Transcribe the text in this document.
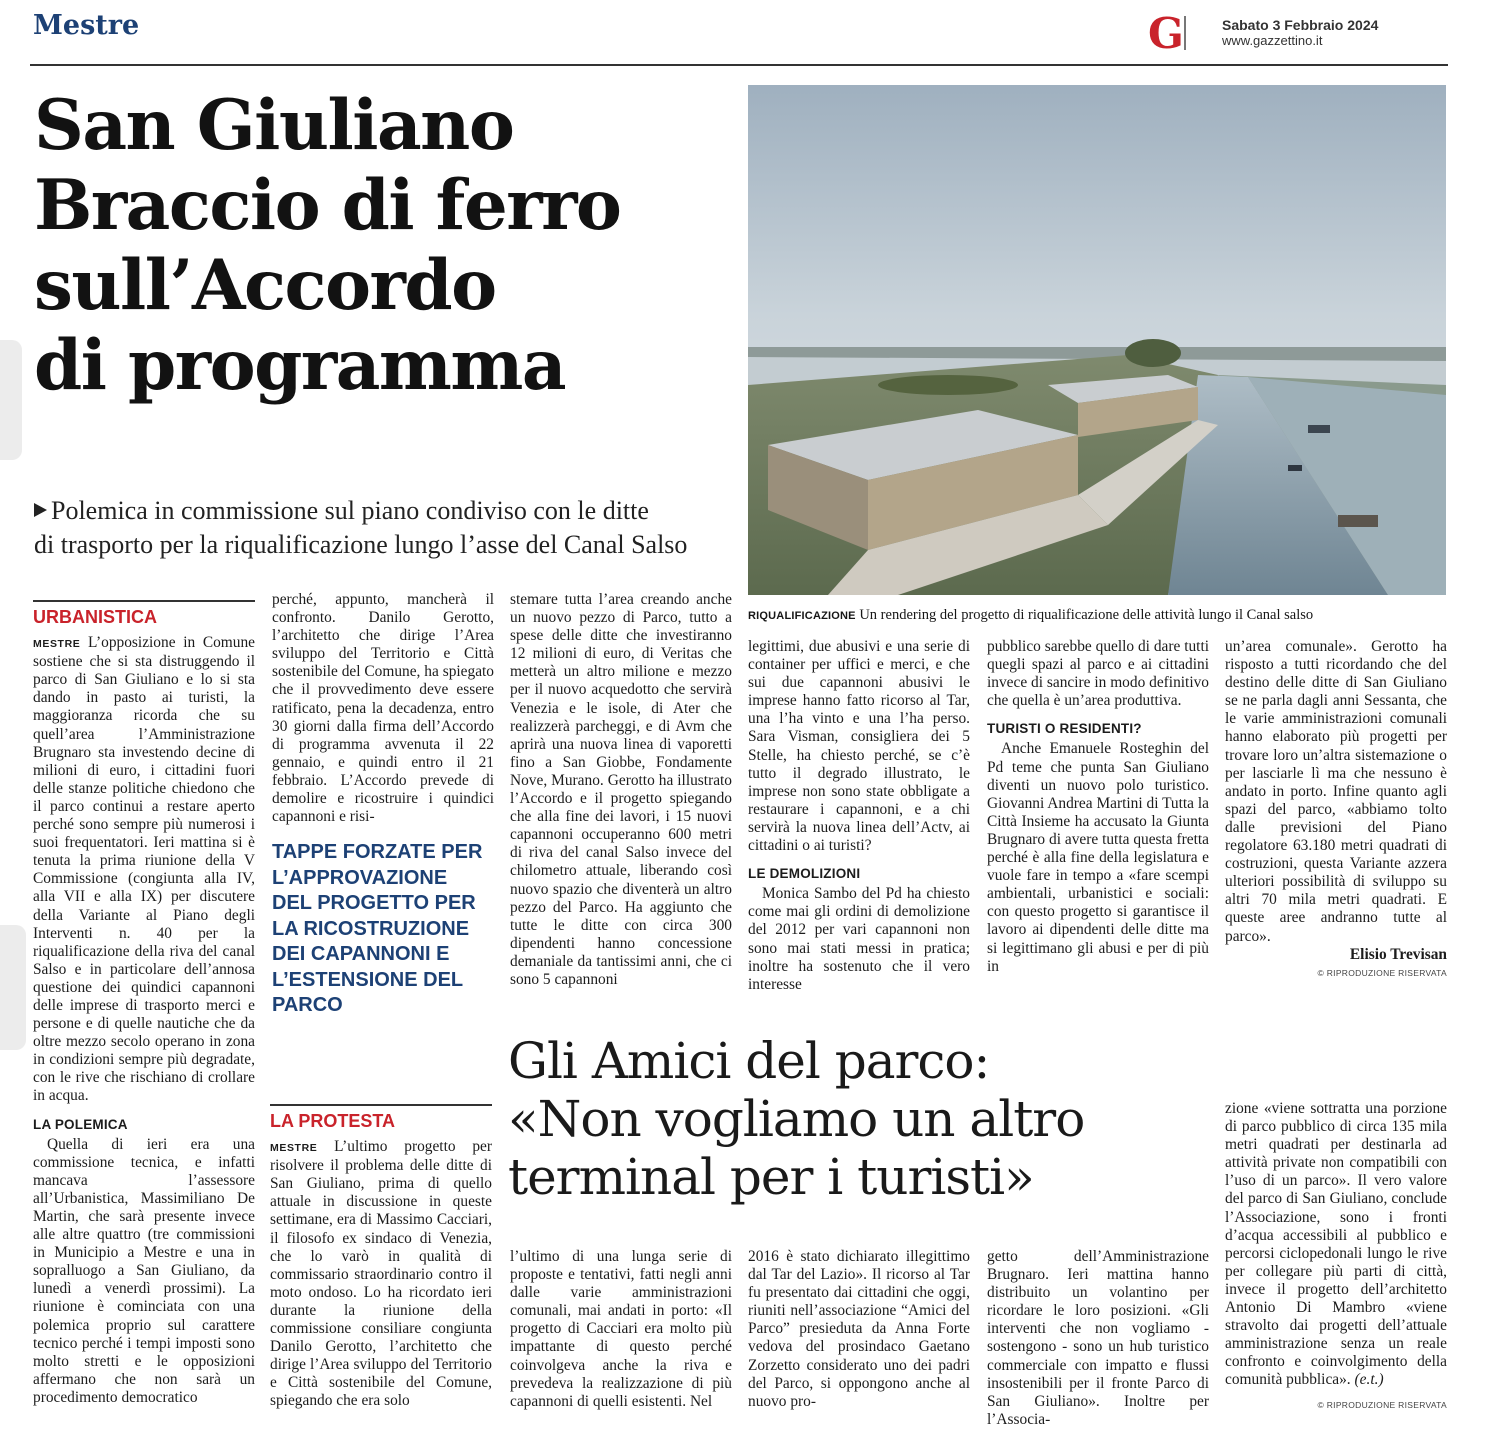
Mestre	G	Sabato 3 Febbraio 2024
www.gazzettino.it
San Giuliano
Braccio di ferro
sull’Accordo
di programma
Polemica in commissione sul piano condiviso con le ditte
di trasporto per la riqualificazione lungo l’asse del Canal Salso
RIQUALIFICAZIONE Un rendering del progetto di riqualificazione delle attività lungo il Canal salso
URBANISTICA

MESTRE L’opposizione in Comune sostiene che si sta distruggendo il parco di San Giuliano e lo si sta dando in pasto ai turisti, la maggioranza ricorda che su quell’area l’Amministrazione Brugnaro sta investendo decine di milioni di euro, i cittadini fuori delle stanze politiche chiedono che il parco continui a restare aperto perché sono sempre più numerosi i suoi frequentatori. Ieri mattina si è tenuta la prima riunione della V Commissione (congiunta alla IV, alla VII e alla IX) per discutere della Variante al Piano degli Interventi n. 40 per la riqualificazione della riva del canal Salso e in particolare dell’annosa questione dei quindici capannoni delle imprese di trasporto merci e persone e di quelle nautiche che da oltre mezzo secolo operano in zona in condizioni sempre più degradate, con le rive che rischiano di crollare in acqua.

LA POLEMICA

Quella di ieri era una commissione tecnica, e infatti mancava l’assessore all’Urbanistica, Massimiliano De Martin, che sarà presente invece alle altre quattro (tre commissioni in Municipio a Mestre e una in sopralluogo a San Giuliano, da lunedì a venerdì prossimi). La riunione è cominciata con una polemica proprio sul carattere tecnico perché i tempi imposti sono molto stretti e le opposizioni affermano che non sarà un procedimento democratico

perché, appunto, mancherà il confronto. Danilo Gerotto, l’architetto che dirige l’Area sviluppo del Territorio e Città sostenibile del Comune, ha spiegato che il provvedimento deve essere ratificato, pena la decadenza, entro 30 giorni dalla firma dell’Accordo di programma avvenuta il 22 gennaio, e quindi entro il 21 febbraio. L’Accordo prevede di demolire e ricostruire i quindici capannoni e risi-

TAPPE FORZATE PER L’APPROVAZIONE DEL PROGETTO PER LA RICOSTRUZIONE DEI CAPANNONI E L’ESTENSIONE DEL PARCO

stemare tutta l’area creando anche un nuovo pezzo di Parco, tutto a spese delle ditte che investiranno 12 milioni di euro, di Veritas che metterà un altro milione e mezzo per il nuovo acquedotto che servirà Venezia e le isole, di Ater che realizzerà parcheggi, e di Avm che aprirà una nuova linea di vaporetti fino a San Giobbe, Fondamente Nove, Murano. Gerotto ha illustrato l’Accordo e il progetto spiegando che alla fine dei lavori, i 15 nuovi capannoni occuperanno 600 metri di riva del canal Salso invece del chilometro attuale, liberando così nuovo spazio che diventerà un altro pezzo del Parco. Ha aggiunto che tutte le ditte con circa 300 dipendenti hanno concessione demaniale da tantissimi anni, che ci sono 5 capannoni

legittimi, due abusivi e una serie di container per uffici e merci, e che sui due capannoni abusivi le imprese hanno fatto ricorso al Tar, una l’ha vinto e una l’ha perso. Sara Visman, consigliera dei 5 Stelle, ha chiesto perché, se c’è tutto il degrado illustrato, le imprese non sono state obbligate a restaurare i capannoni, e a chi servirà la nuova linea dell’Actv, ai cittadini o ai turisti?

LE DEMOLIZIONI

Monica Sambo del Pd ha chiesto come mai gli ordini di demolizione del 2012 per vari capannoni non sono mai stati messi in pratica; inoltre ha sostenuto che il vero interesse

pubblico sarebbe quello di dare tutti quegli spazi al parco e ai cittadini invece di sancire in modo definitivo che quella è un’area produttiva.

TURISTI O RESIDENTI?

Anche Emanuele Rosteghin del Pd teme che punta San Giuliano diventi un nuovo polo turistico. Giovanni Andrea Martini di Tutta la Città Insieme ha accusato la Giunta Brugnaro di avere tutta questa fretta perché è alla fine della legislatura e vuole fare in tempo a «fare scempi ambientali, urbanistici e sociali: con questo progetto si garantisce il lavoro ai dipendenti delle ditte ma si legittimano gli abusi e per di più in

un’area comunale». Gerotto ha risposto a tutti ricordando che del destino delle ditte di San Giuliano se ne parla dagli anni Sessanta, che le varie amministrazioni comunali hanno elaborato più progetti per trovare loro un’altra sistemazione o per lasciarle lì ma che nessuno è andato in porto. Infine quanto agli spazi del parco, «abbiamo tolto dalle previsioni del Piano regolatore 63.180 metri quadrati di costruzioni, questa Variante azzera ulteriori possibilità di sviluppo su altri 70 mila metri quadrati. E queste aree andranno tutte al parco».

Elisio Trevisan
© RIPRODUZIONE RISERVATA
Gli Amici del parco:
«Non vogliamo un altro
terminal per i turisti»
LA PROTESTA

MESTRE L’ultimo progetto per risolvere il problema delle ditte di San Giuliano, prima di quello attuale in discussione in queste settimane, era di Massimo Cacciari, il filosofo ex sindaco di Venezia, che lo varò in qualità di commissario straordinario contro il moto ondoso. Lo ha ricordato ieri durante la riunione della commissione consiliare congiunta Danilo Gerotto, l’architetto che dirige l’Area sviluppo del Territorio e Città sostenibile del Comune, spiegando che era solo

l’ultimo di una lunga serie di proposte e tentativi, fatti negli anni dalle varie amministrazioni comunali, mai andati in porto: «Il progetto di Cacciari era molto più impattante di questo perché coinvolgeva anche la riva e prevedeva la realizzazione di più capannoni di quelli esistenti. Nel

2016 è stato dichiarato illegittimo dal Tar del Lazio». Il ricorso al Tar fu presentato dai cittadini che oggi, riuniti nell’associazione “Amici del Parco” presieduta da Anna Forte vedova del prosindaco Gaetano Zorzetto considerato uno dei padri del Parco, si oppongono anche al nuovo pro-

getto dell’Amministrazione Brugnaro. Ieri mattina hanno distribuito un volantino per ricordare le loro posizioni. «Gli interventi che non vogliamo - sostengono - sono un hub turistico commerciale con impatto e flussi insostenibili per il fronte Parco di San Giuliano». Inoltre per l’Associa-

zione «viene sottratta una porzione di parco pubblico di circa 135 mila metri quadrati per destinarla ad attività private non compatibili con l’uso di un parco». Il vero valore del parco di San Giuliano, conclude l’Associazione, sono i fronti d’acqua accessibili al pubblico e percorsi ciclopedonali lungo le rive per collegare più parti di città, invece il progetto dell’architetto Antonio Di Mambro «viene stravolto dai progetti dell’attuale amministrazione senza un reale confronto e coinvolgimento della comunità pubblica». (e.t.)

© RIPRODUZIONE RISERVATA
